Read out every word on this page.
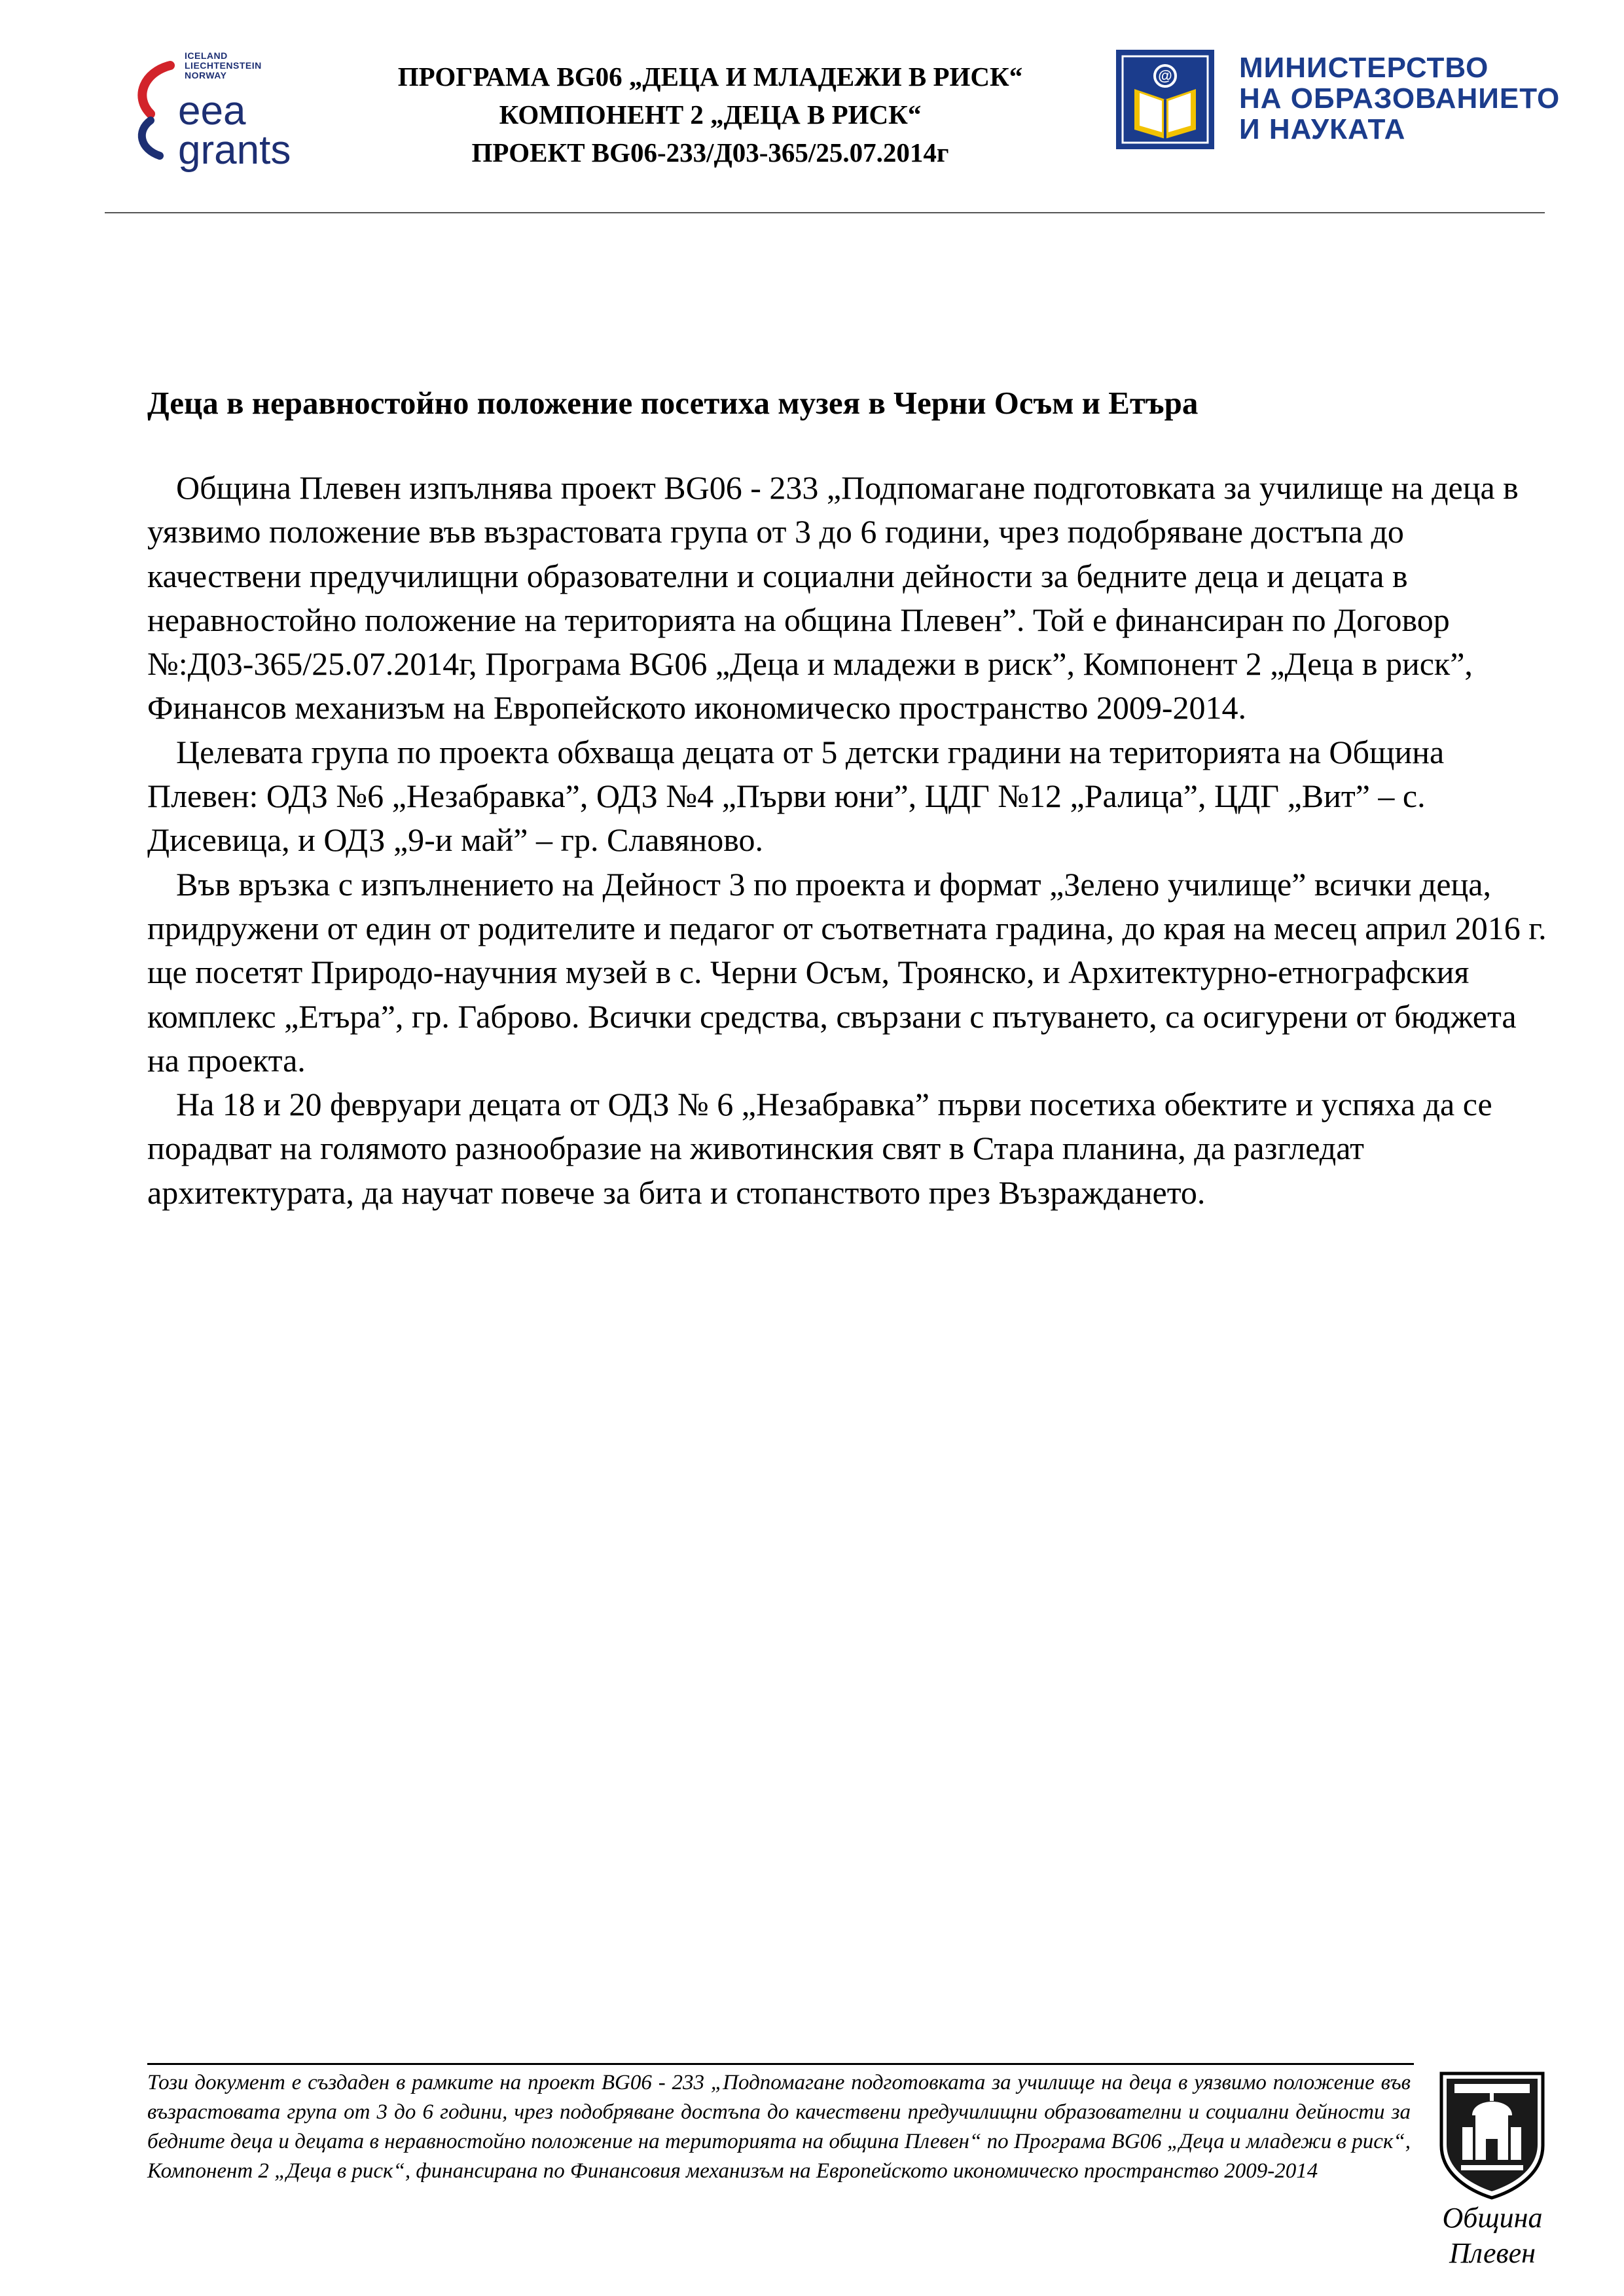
ICELAND
LIECHTENSTEIN
NORWAY
eea
grants
ПРОГРАМА BG06 „ДЕЦА И МЛАДЕЖИ В РИСК“
КОМПОНЕНТ 2 „ДЕЦА В РИСК“
ПРОЕКТ BG06-233/Д03-365/25.07.2014г
@ МИНИСТЕРСТВО
НА ОБРАЗОВАНИЕТО
И НАУКАТА
Деца в неравностойно положение посетиха музея в Черни Осъм и Етъра

Община Плевен изпълнява проект BG06 - 233 „Подпомагане подготовката за училище на деца в уязвимо положение във възрастовата група от 3 до 6 години, чрез подобряване достъпа до качествени предучилищни образователни и социални дейности за бедните деца и децата в неравностойно положение на територията на община Плевен”. Той е финансиран по Договор №:Д03-365/25.07.2014г, Програма BG06 „Деца и младежи в риск”, Компонент 2 „Деца в риск”, Финансов механизъм на Европейското икономическо пространство 2009-2014.

Целевата група по проекта обхваща децата от 5 детски градини на територията на Община Плевен: ОДЗ №6 „Незабравка”, ОДЗ №4 „Първи юни”, ЦДГ №12 „Ралица”, ЦДГ „Вит” – с. Дисевица, и ОДЗ „9-и май” – гр. Славяново.

Във връзка с изпълнението на Дейност 3 по проекта и формат „Зелено училище” всички деца, придружени от един от родителите и педагог от съответната градина, до края на месец април 2016 г. ще посетят Природо-научния музей в с. Черни Осъм, Троянско, и Архитектурно-етнографския комплекс „Етъра”, гр. Габрово. Всички средства, свързани с пътуването, са осигурени от бюджета на проекта.

На 18 и 20 февруари децата от ОДЗ № 6 „Незабравка” първи посетиха обектите и успяха да се порадват на голямото разнообразие на животинския свят в Стара планина, да разгледат архитектурата, да научат повече за бита и стопанството през Възраждането.

Този документ е създаден в рамките на проект BG06 - 233 „Подпомагане подготовката за училище на деца в уязвимо положение във възрастовата група от 3 до 6 години, чрез подобряване достъпа до качествени предучилищни образователни и социални дейности за бедните деца и децата в неравностойно положение на територията на община Плевен“ по Програма BG06 „Деца и младежи в риск“, Компонент 2 „Деца в риск“, финансирана по Финансовия механизъм на Европейското икономическо пространство 2009-2014
Община
Плевен
